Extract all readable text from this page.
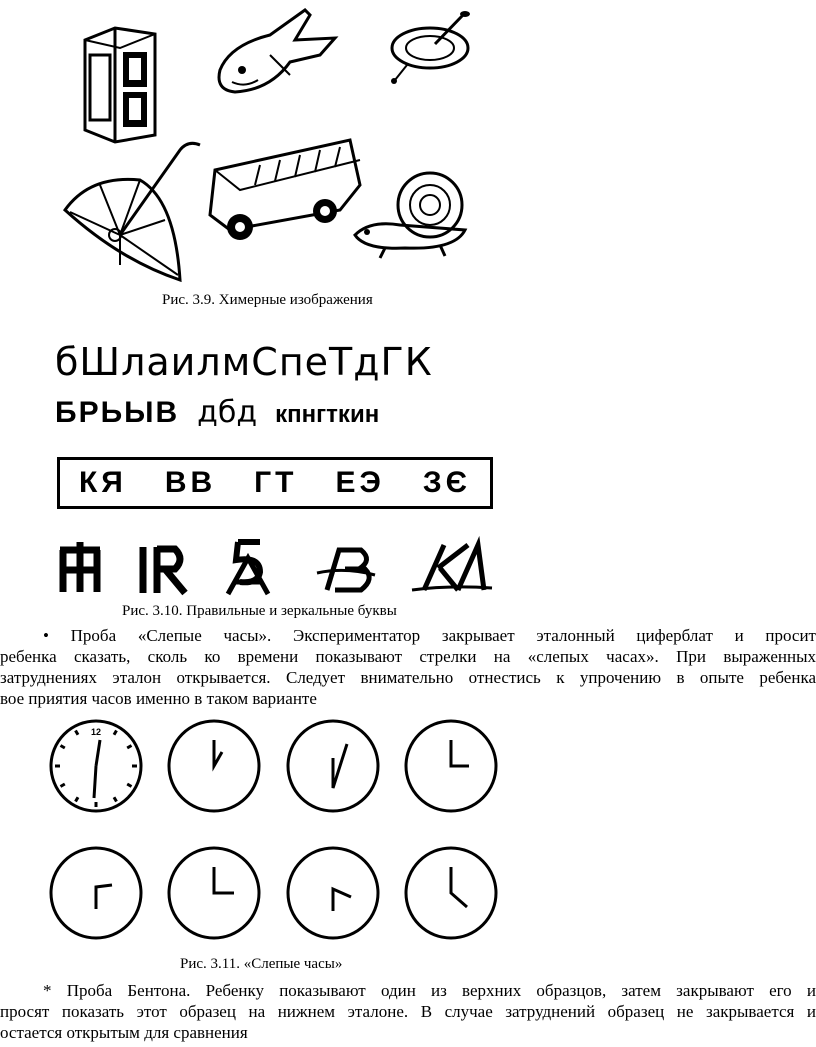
Рис. 3.9. Химерные изображения
бШлаилмСпеТдГК
БРЬЫВ дбд кпнгткин
КЯ ВВ ГТ ЕЭ ЗЄ
Рис. 3.10. Правильные и зеркальные буквы
• Проба «Слепые часы». Экспериментатор закрывает эталонный циферблат и просит
ребенка сказать, сколь ко времени показывают стрелки на «слепых часах». При выраженных
затруднениях эталон открывается. Следует внимательно отнестись к упрочению в опыте ребенка
вое приятия часов именно в таком варианте
12
Рис. 3.11. «Слепые часы»
* Проба Бентона. Ребенку показывают один из верхних образцов, затем закрывают его и
просят показать этот образец на нижнем эталоне. В случае затруднений образец не закрывается и
остается открытым для сравнения
